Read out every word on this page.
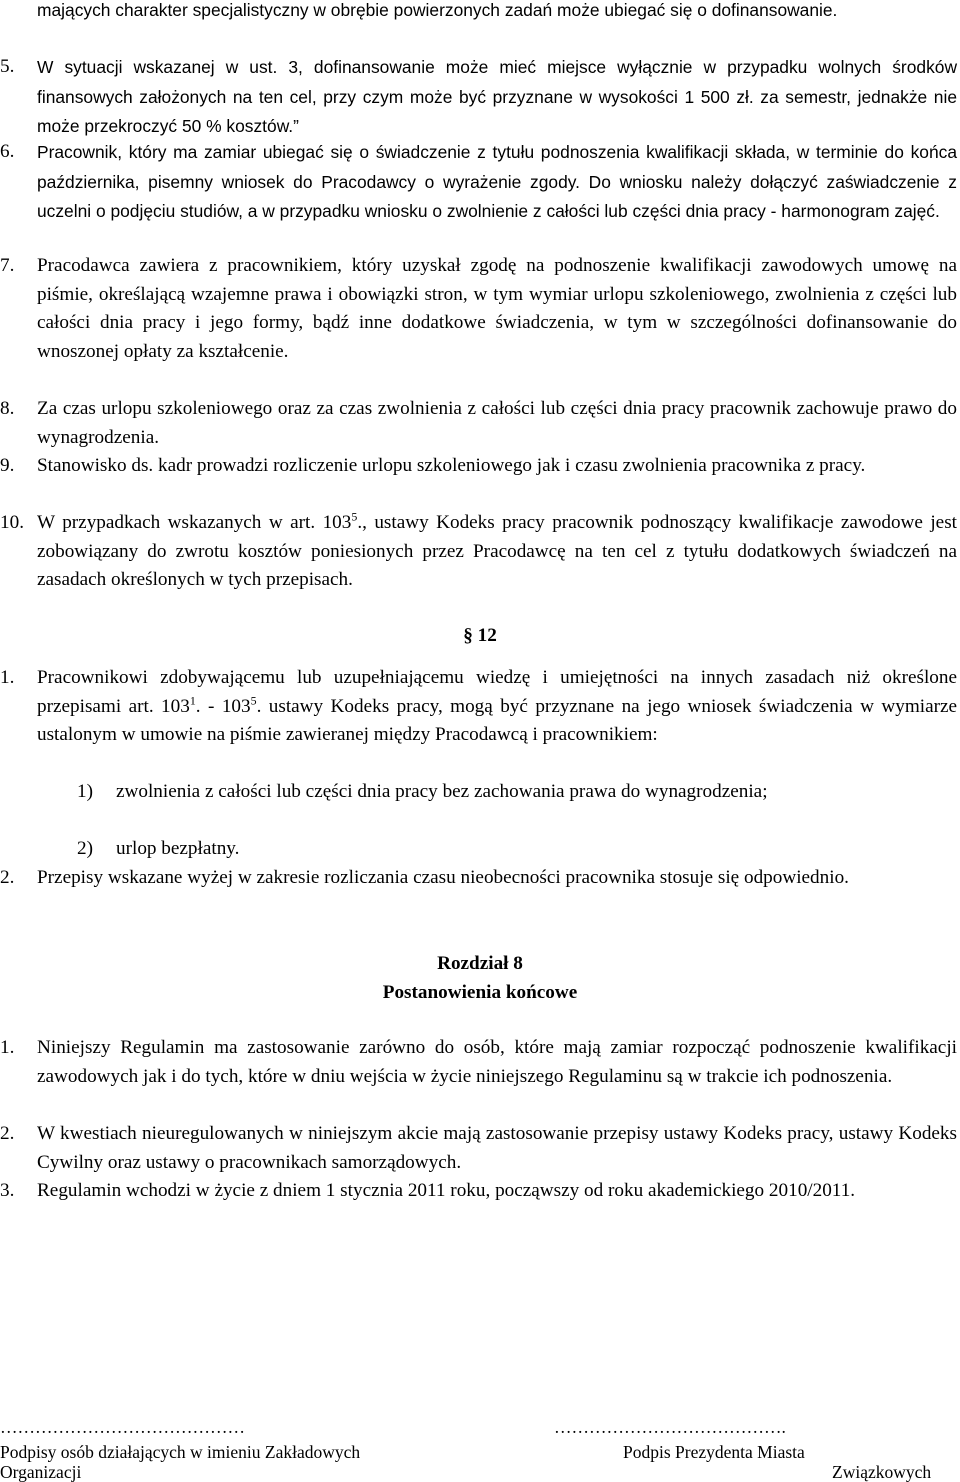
mających charakter specjalistyczny w obrębie powierzonych zadań może ubiegać się o dofinansowanie.
5. W sytuacji wskazanej w ust. 3, dofinansowanie może mieć miejsce wyłącznie w przypadku wolnych środków finansowych założonych na ten cel, przy czym może być przyznane w wysokości 1 500 zł. za semestr, jednakże nie może przekroczyć 50 % kosztów.”
6. Pracownik, który ma zamiar ubiegać się o świadczenie z tytułu podnoszenia kwalifikacji składa, w terminie do końca października, pisemny wniosek do Pracodawcy o wyrażenie zgody. Do wniosku należy dołączyć zaświadczenie z uczelni o podjęciu studiów, a w przypadku wniosku o zwolnienie z całości lub części dnia pracy - harmonogram zajęć.
7. Pracodawca zawiera z pracownikiem, który uzyskał zgodę na podnoszenie kwalifikacji zawodowych umowę na piśmie, określającą wzajemne prawa i obowiązki stron, w tym wymiar urlopu szkoleniowego, zwolnienia z części lub całości dnia pracy i jego formy, bądź inne dodatkowe świadczenia, w tym w szczególności dofinansowanie do wnoszonej opłaty za kształcenie.
8. Za czas urlopu szkoleniowego oraz za czas zwolnienia z całości lub części dnia pracy pracownik zachowuje prawo do wynagrodzenia.
9. Stanowisko ds. kadr prowadzi rozliczenie urlopu szkoleniowego jak i czasu zwolnienia pracownika z pracy.
10. W przypadkach wskazanych w art. $103^5$., ustawy Kodeks pracy pracownik podnoszący kwalifikacje zawodowe jest zobowiązany do zwrotu kosztów poniesionych przez Pracodawcę na ten cel z tytułu dodatkowych świadczeń na zasadach określonych w tych przepisach.
§ 12
1. Pracownikowi zdobywającemu lub uzupełniającemu wiedzę i umiejętności na innych zasadach niż określone przepisami art. $103^1$. - $103^5$. ustawy Kodeks pracy, mogą być przyznane na jego wniosek świadczenia w wymiarze ustalonym w umowie na piśmie zawieranej między Pracodawcą i pracownikiem:
1) zwolnienia z całości lub części dnia pracy bez zachowania prawa do wynagrodzenia;
2) urlop bezpłatny.
2. Przepisy wskazane wyżej w zakresie rozliczania czasu nieobecności pracownika stosuje się odpowiednio.
Rozdział 8
Postanowienia końcowe
1. Niniejszy Regulamin ma zastosowanie zarówno do osób, które mają zamiar rozpocząć podnoszenie kwalifikacji zawodowych jak i do tych, które w dniu wejścia w życie niniejszego Regulaminu są w trakcie ich podnoszenia.
2. W kwestiach nieuregulowanych w niniejszym akcie mają zastosowanie przepisy ustawy Kodeks pracy, ustawy Kodeks Cywilny oraz ustawy o pracownikach samorządowych.
3. Regulamin wchodzi w życie z dniem 1 stycznia 2011 roku, począwszy od roku akademickiego 2010/2011.
……………………………………
Podpisy osób działających w imieniu Zakładowych
Organizacji
………………………………….
Podpis Prezydenta Miasta
Związkowych
